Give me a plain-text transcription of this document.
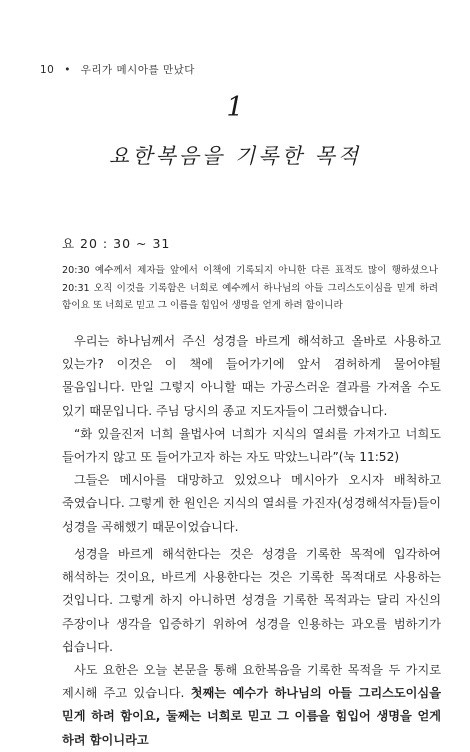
10 • 우리가 메시아를 만났다
1
요한복음을 기록한 목적
요 20 : 30 ~ 31
20:30 예수께서 제자들 앞에서 이책에 기록되지 아니한 다른 표적도 많이 행하셨으나 20:31 오직 이것을 기록함은 너희로 예수께서 하나님의 아들 그리스도이심을 믿게 하려 함이요 또 너희로 믿고 그 이름을 힘입어 생명을 얻게 하려 함이니라

우리는 하나님께서 주신 성경을 바르게 해석하고 올바로 사용하고 있는가? 이것은 이 책에 들어가기에 앞서 겸허하게 물어야될 물음입니다. 만일 그렇지 아니할 때는 가공스러운 결과를 가져올 수도 있기 때문입니다. 주님 당시의 종교 지도자들이 그러했습니다.

“화 있을진저 너희 율법사여 너희가 지식의 열쇠를 가져가고 너희도 들어가지 않고 또 들어가고자 하는 자도 막았느니라”(눅 11:52)

그들은 메시아를 대망하고 있었으나 메시아가 오시자 배척하고 죽였습니다. 그렇게 한 원인은 지식의 열쇠를 가진자(성경해석자들)들이 성경을 곡해했기 때문이었습니다.

성경을 바르게 해석한다는 것은 성경을 기록한 목적에 입각하여 해석하는 것이요, 바르게 사용한다는 것은 기록한 목적대로 사용하는 것입니다. 그렇게 하지 아니하면 성경을 기록한 목적과는 달리 자신의 주장이나 생각을 입증하기 위하여 성경을 인용하는 과오를 범하기가 쉽습니다.

사도 요한은 오늘 본문을 통해 요한복음을 기록한 목적을 두 가지로 제시해 주고 있습니다. 첫째는 예수가 하나님의 아들 그리스도이심을 믿게 하려 함이요, 둘째는 너희로 믿고 그 이름을 힘입어 생명을 얻게 하려 함이니라고
